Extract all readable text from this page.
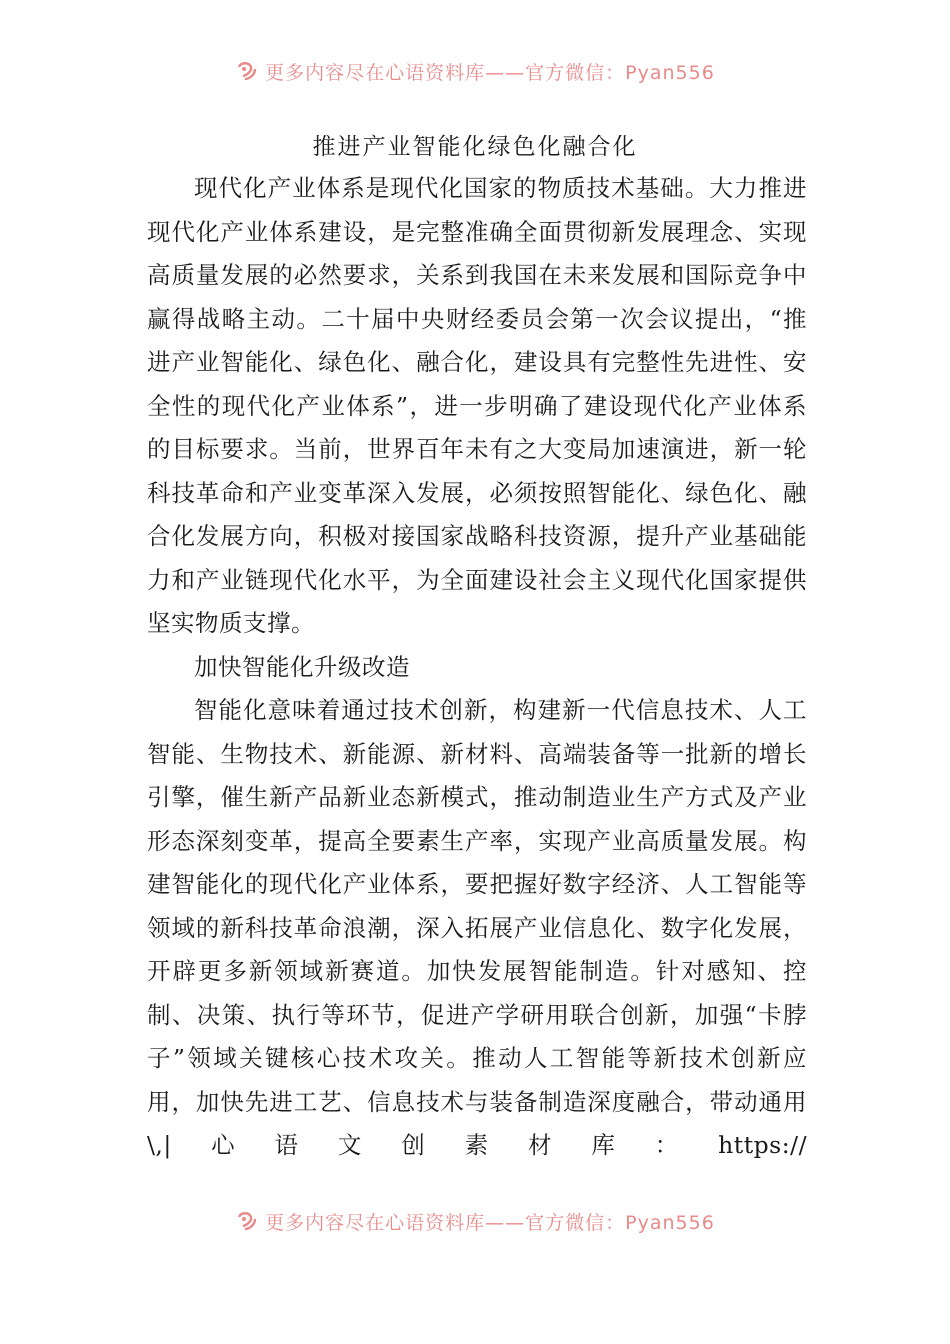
更多内容尽在心语资料库——官方微信：Pyan556
推进产业智能化绿色化融合化

现代化产业体系是现代化国家的物质技术基础。大力推进现代化产业体系建设，是完整准确全面贯彻新发展理念、实现高质量发展的必然要求，关系到我国在未来发展和国际竞争中赢得战略主动。二十届中央财经委员会第一次会议提出，“推进产业智能化、绿色化、融合化，建设具有完整性先进性、安全性的现代化产业体系”，进一步明确了建设现代化产业体系的目标要求。当前，世界百年未有之大变局加速演进，新一轮科技革命和产业变革深入发展，必须按照智能化、绿色化、融合化发展方向，积极对接国家战略科技资源，提升产业基础能力和产业链现代化水平，为全面建设社会主义现代化国家提供坚实物质支撑。

加快智能化升级改造

智能化意味着通过技术创新，构建新一代信息技术、人工智能、生物技术、新能源、新材料、高端装备等一批新的增长引擎，催生新产品新业态新模式，推动制造业生产方式及产业形态深刻变革，提高全要素生产率，实现产业高质量发展。构建智能化的现代化产业体系，要把握好数字经济、人工智能等领域的新科技革命浪潮，深入拓展产业信息化、数字化发展，开辟更多新领域新赛道。加快发展智能制造。针对感知、控制、决策、执行等环节，促进产学研用联合创新，加强“卡脖子”领域关键核心技术攻关。推动人工智能等新技术创新应用，加快先进工艺、信息技术与装备制造深度融合，带动通用\,|心语文创素材库：https://

更多内容尽在心语资料库——官方微信：Pyan556
